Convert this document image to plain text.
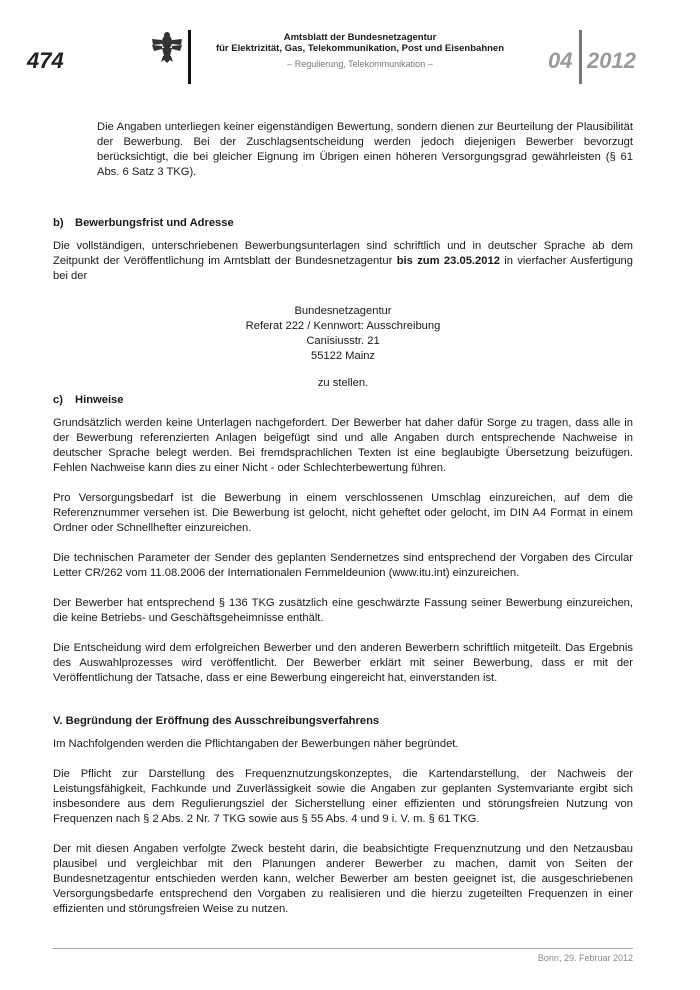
474
Amtsblatt der Bundesnetzagentur
für Elektrizität, Gas, Telekommunikation, Post und Eisenbahnen
– Regulierung, Telekommunikation –	04 2012

Die Angaben unterliegen keiner eigenständigen Bewertung, sondern dienen zur Beurteilung der Plausibilität der Bewerbung. Bei der Zuschlagsentscheidung werden jedoch diejenigen Bewerber bevorzugt berücksichtigt, die bei gleicher Eignung im Übrigen einen höheren Versorgungsgrad gewährleisten (§ 61 Abs. 6 Satz 3 TKG).

b) Bewerbungsfrist und Adresse

Die vollständigen, unterschriebenen Bewerbungsunterlagen sind schriftlich und in deutscher Sprache ab dem Zeitpunkt der Veröffentlichung im Amtsblatt der Bundesnetzagentur bis zum 23.05.2012 in vierfacher Ausfertigung bei der

Bundesnetzagentur
Referat 222 / Kennwort: Ausschreibung
Canisiusstr. 21
55122 Mainz
zu stellen.

c) Hinweise

Grundsätzlich werden keine Unterlagen nachgefordert. Der Bewerber hat daher dafür Sorge zu tragen, dass alle in der Bewerbung referenzierten Anlagen beigefügt sind und alle Angaben durch entsprechende Nachweise in deutscher Sprache belegt werden. Bei fremdsprachlichen Texten ist eine beglaubigte Übersetzung beizufügen. Fehlen Nachweise kann dies zu einer Nicht - oder Schlechterbewertung führen.

Pro Versorgungsbedarf ist die Bewerbung in einem verschlossenen Umschlag einzureichen, auf dem die Referenznummer versehen ist. Die Bewerbung ist gelocht, nicht geheftet oder gelocht, im DIN A4 Format in einem Ordner oder Schnellhefter einzureichen.

Die technischen Parameter der Sender des geplanten Sendernetzes sind entsprechend der Vorgaben des Circular Letter CR/262 vom 11.08.2006 der Internationalen Fernmeldeunion (www.itu.int) einzureichen.

Der Bewerber hat entsprechend § 136 TKG zusätzlich eine geschwärzte Fassung seiner Bewerbung einzureichen, die keine Betriebs- und Geschäftsgeheimnisse enthält.

Die Entscheidung wird dem erfolgreichen Bewerber und den anderen Bewerbern schriftlich mitgeteilt. Das Ergebnis des Auswahlprozesses wird veröffentlicht. Der Bewerber erklärt mit seiner Bewerbung, dass er mit der Veröffentlichung der Tatsache, dass er eine Bewerbung eingereicht hat, einverstanden ist.

V. Begründung der Eröffnung des Ausschreibungsverfahrens

Im Nachfolgenden werden die Pflichtangaben der Bewerbungen näher begründet.

Die Pflicht zur Darstellung des Frequenznutzungskonzeptes, die Kartendarstellung, der Nachweis der Leistungsfähigkeit, Fachkunde und Zuverlässigkeit sowie die Angaben zur geplanten Systemvariante ergibt sich insbesondere aus dem Regulierungsziel der Sicherstellung einer effizienten und störungsfreien Nutzung von Frequenzen nach § 2 Abs. 2 Nr. 7 TKG sowie aus § 55 Abs. 4 und 9 i. V. m. § 61 TKG.

Der mit diesen Angaben verfolgte Zweck besteht darin, die beabsichtigte Frequenznutzung und den Netzausbau plausibel und vergleichbar mit den Planungen anderer Bewerber zu machen, damit von Seiten der Bundesnetzagentur entschieden werden kann, welcher Bewerber am besten geeignet ist, die ausgeschriebenen Versorgungsbedarfe entsprechend den Vorgaben zu realisieren und die hierzu zugeteilten Frequenzen in einer effizienten und störungsfreien Weise zu nutzen.

Bonn, 29. Februar 2012
